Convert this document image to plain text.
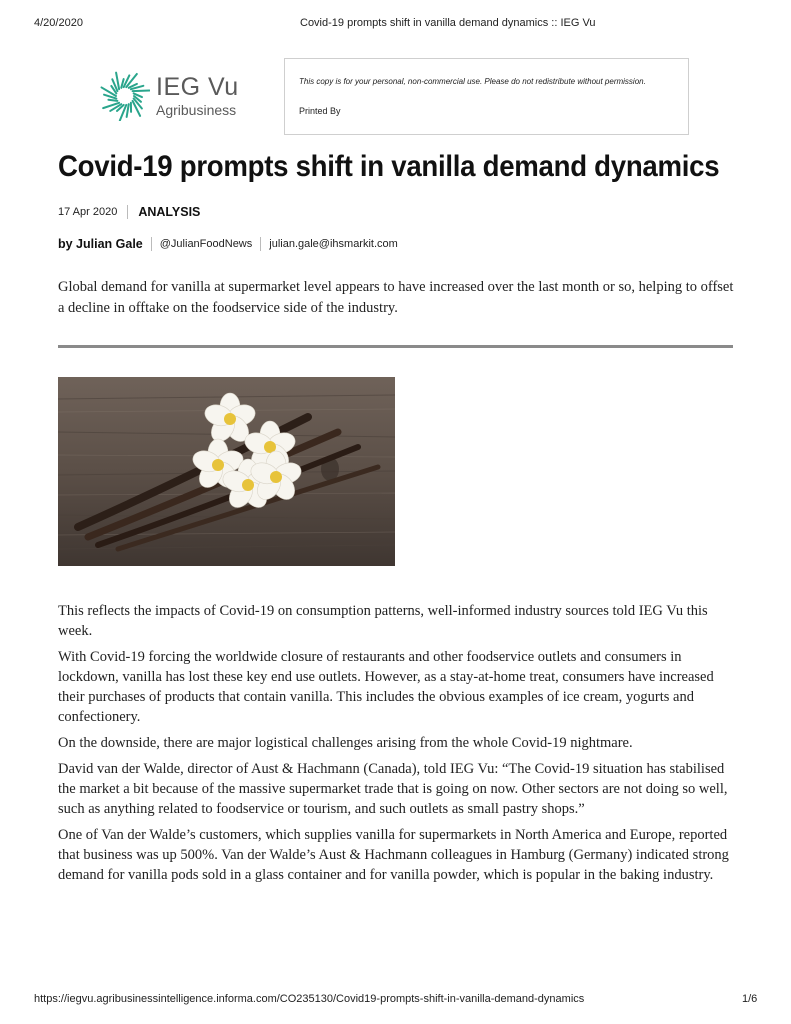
4/20/2020	Covid-19 prompts shift in vanilla demand dynamics :: IEG Vu
IEG Vu
Agribusiness
This copy is for your personal, non-commercial use. Please do not redistribute without permission.
Printed By
Covid-19 prompts shift in vanilla demand dynamics
17 Apr 2020 ANALYSIS
by Julian Gale @JulianFoodNews julian.gale@ihsmarkit.com

Global demand for vanilla at supermarket level appears to have increased over the last month or so, helping to offset a decline in offtake on the foodservice side of the industry.

This reflects the impacts of Covid-19 on consumption patterns, well-informed industry sources told IEG Vu this week.

With Covid-19 forcing the worldwide closure of restaurants and other foodservice outlets and consumers in lockdown, vanilla has lost these key end use outlets. However, as a stay-at-home treat, consumers have increased their purchases of products that contain vanilla. This includes the obvious examples of ice cream, yogurts and confectionery.

On the downside, there are major logistical challenges arising from the whole Covid-19 nightmare.

David van der Walde, director of Aust & Hachmann (Canada), told IEG Vu: “The Covid-19 situation has stabilised the market a bit because of the massive supermarket trade that is going on now. Other sectors are not doing so well, such as anything related to foodservice or tourism, and such outlets as small pastry shops.”

One of Van der Walde’s customers, which supplies vanilla for supermarkets in North America and Europe, reported that business was up 500%. Van der Walde’s Aust & Hachmann colleagues in Hamburg (Germany) indicated strong demand for vanilla pods sold in a glass container and for vanilla powder, which is popular in the baking industry.

https://iegvu.agribusinessintelligence.informa.com/CO235130/Covid19-prompts-shift-in-vanilla-demand-dynamics	1/6
